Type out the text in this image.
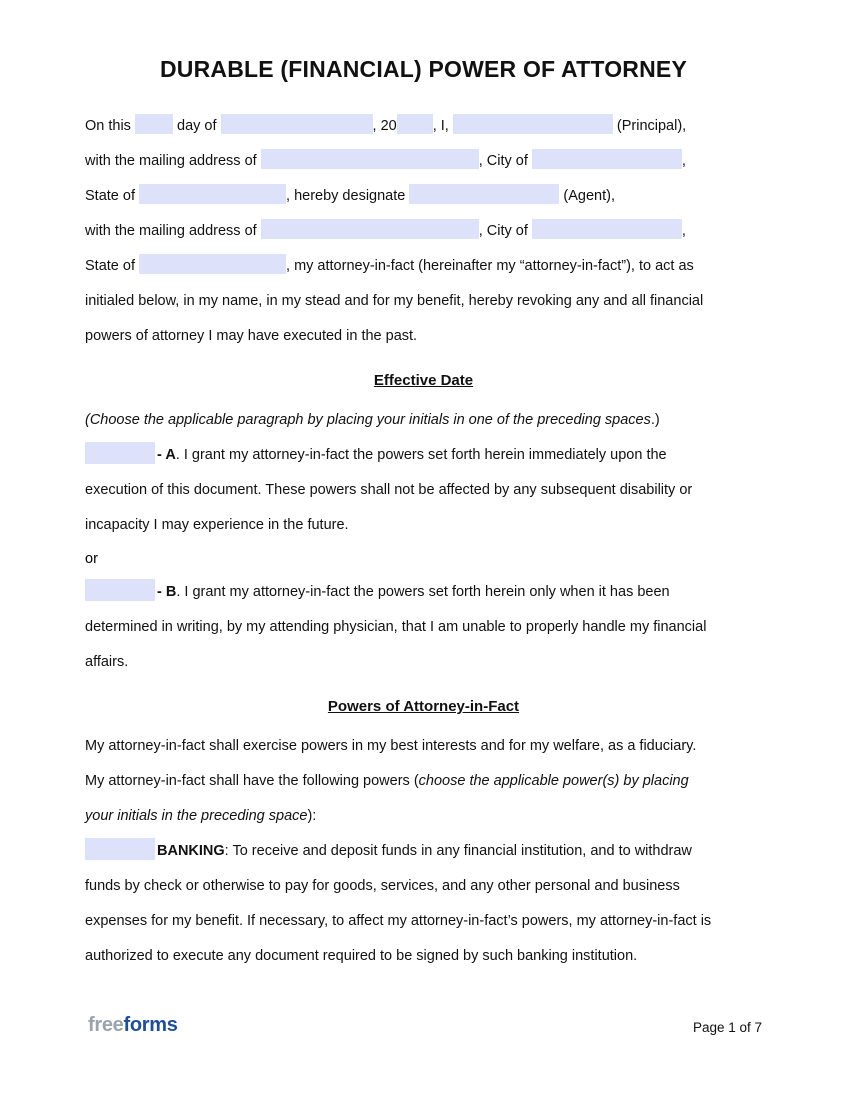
DURABLE (FINANCIAL) POWER OF ATTORNEY

On this	day of	, 20 , I,	(Principal),

with the mailing address of	, City of	,

State of	, hereby designate	(Agent),

with the mailing address of	, City of	,

State of	, my attorney-in-fact (hereinafter my “attorney-in-fact”), to act as

initialed below, in my name, in my stead and for my benefit, hereby revoking any and all financial

powers of attorney I may have executed in the past.

Effective Date

(Choose the applicable paragraph by placing your initials in one of the preceding spaces.)

- A. I grant my attorney-in-fact the powers set forth herein immediately upon the

execution of this document. These powers shall not be affected by any subsequent disability or

incapacity I may experience in the future.

or

- B. I grant my attorney-in-fact the powers set forth herein only when it has been

determined in writing, by my attending physician, that I am unable to properly handle my financial

affairs.

Powers of Attorney-in-Fact

My attorney-in-fact shall exercise powers in my best interests and for my welfare, as a fiduciary.

My attorney-in-fact shall have the following powers (choose the applicable power(s) by placing

your initials in the preceding space):

BANKING: To receive and deposit funds in any financial institution, and to withdraw

funds by check or otherwise to pay for goods, services, and any other personal and business

expenses for my benefit. If necessary, to affect my attorney-in-fact’s powers, my attorney-in-fact is

authorized to execute any document required to be signed by such banking institution.

freeforms	Page 1 of 7
